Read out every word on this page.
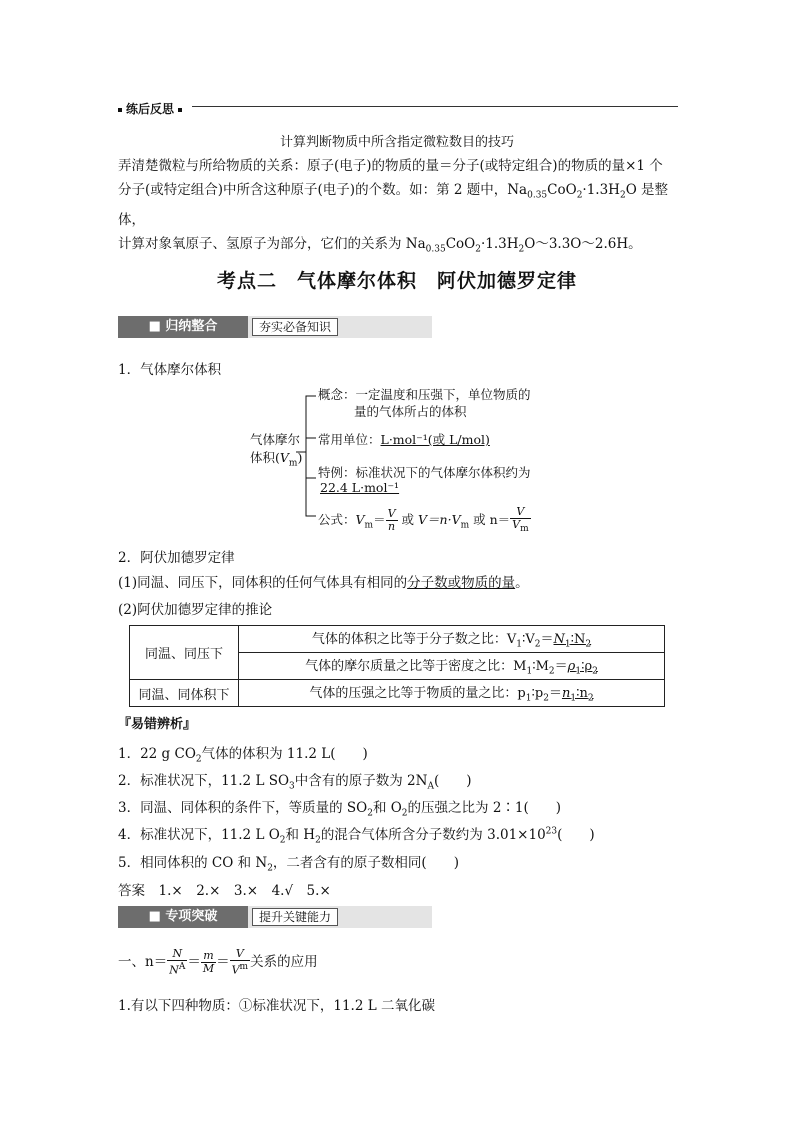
练后反思
计算判断物质中所含指定微粒数目的技巧
弄清楚微粒与所给物质的关系：原子(电子)的物质的量＝分子(或特定组合)的物质的量×1 个
分子(或特定组合)中所含这种原子(电子)的个数。如：第 2 题中，$Na_{0.35}CoO_2\cdot 1.3H_2O$ 是整体，
计算对象氧原子、氢原子为部分，它们的关系为 $Na_{0.35}CoO_2\cdot 1.3H_2O\sim 3.3O\sim 2.6H$。
考点二　气体摩尔体积　阿伏加德罗定律
■ 归纳整合	夯实必备知识
1．气体摩尔体积
气体摩尔
体积$(V_m)$
概念：一定温度和压强下，单位物质的
量的气体所占的体积
常用单位：L·mol⁻¹(或 L/mol)
特例：标准状况下的气体摩尔体积约为
22.4 L·mol⁻¹
公式：$V_m= \frac{V}{n}$ 或 $V=n\cdot V_m$ 或 $n= \frac{V}{V_m}$
2．阿伏加德罗定律
(1)同温、同压下，同体积的任何气体具有相同的分子数或物质的量。
(2)阿伏加德罗定律的推论
同温、同压下	气体的体积之比等于分子数之比：$V_1∶V_2=N_1∶N_2$
	气体的摩尔质量之比等于密度之比：$M_1∶M_2=\rho_1∶\rho_2$
同温、同体积下	气体的压强之比等于物质的量之比：$p_1∶p_2=n_1∶n_2$
『易错辨析』
1．22 g $CO_2$气体的体积为 11.2 L(　　)
2．标准状况下，11.2 L $SO_3$中含有的原子数为 $2N_A$(　　)
3．同温、同体积的条件下，等质量的 $SO_2$和 $O_2$的压强之比为 2∶1(　　)
4．标准状况下，11.2 L $O_2$和 $H_2$的混合气体所含分子数约为 $3.01\times 10^{23}$(　　)
5．相同体积的 CO 和 $N_2$，二者含有的原子数相同(　　)
答案　1.×　2.×　3.×　4.√　5.×
■ 专项突破	提升关键能力
一、$n= \frac{N}{N^A} = \frac{m}{M} = \frac{V}{V^m}$ 关系的应用
1.有以下四种物质：①标准状况下，11.2 L 二氧化碳
